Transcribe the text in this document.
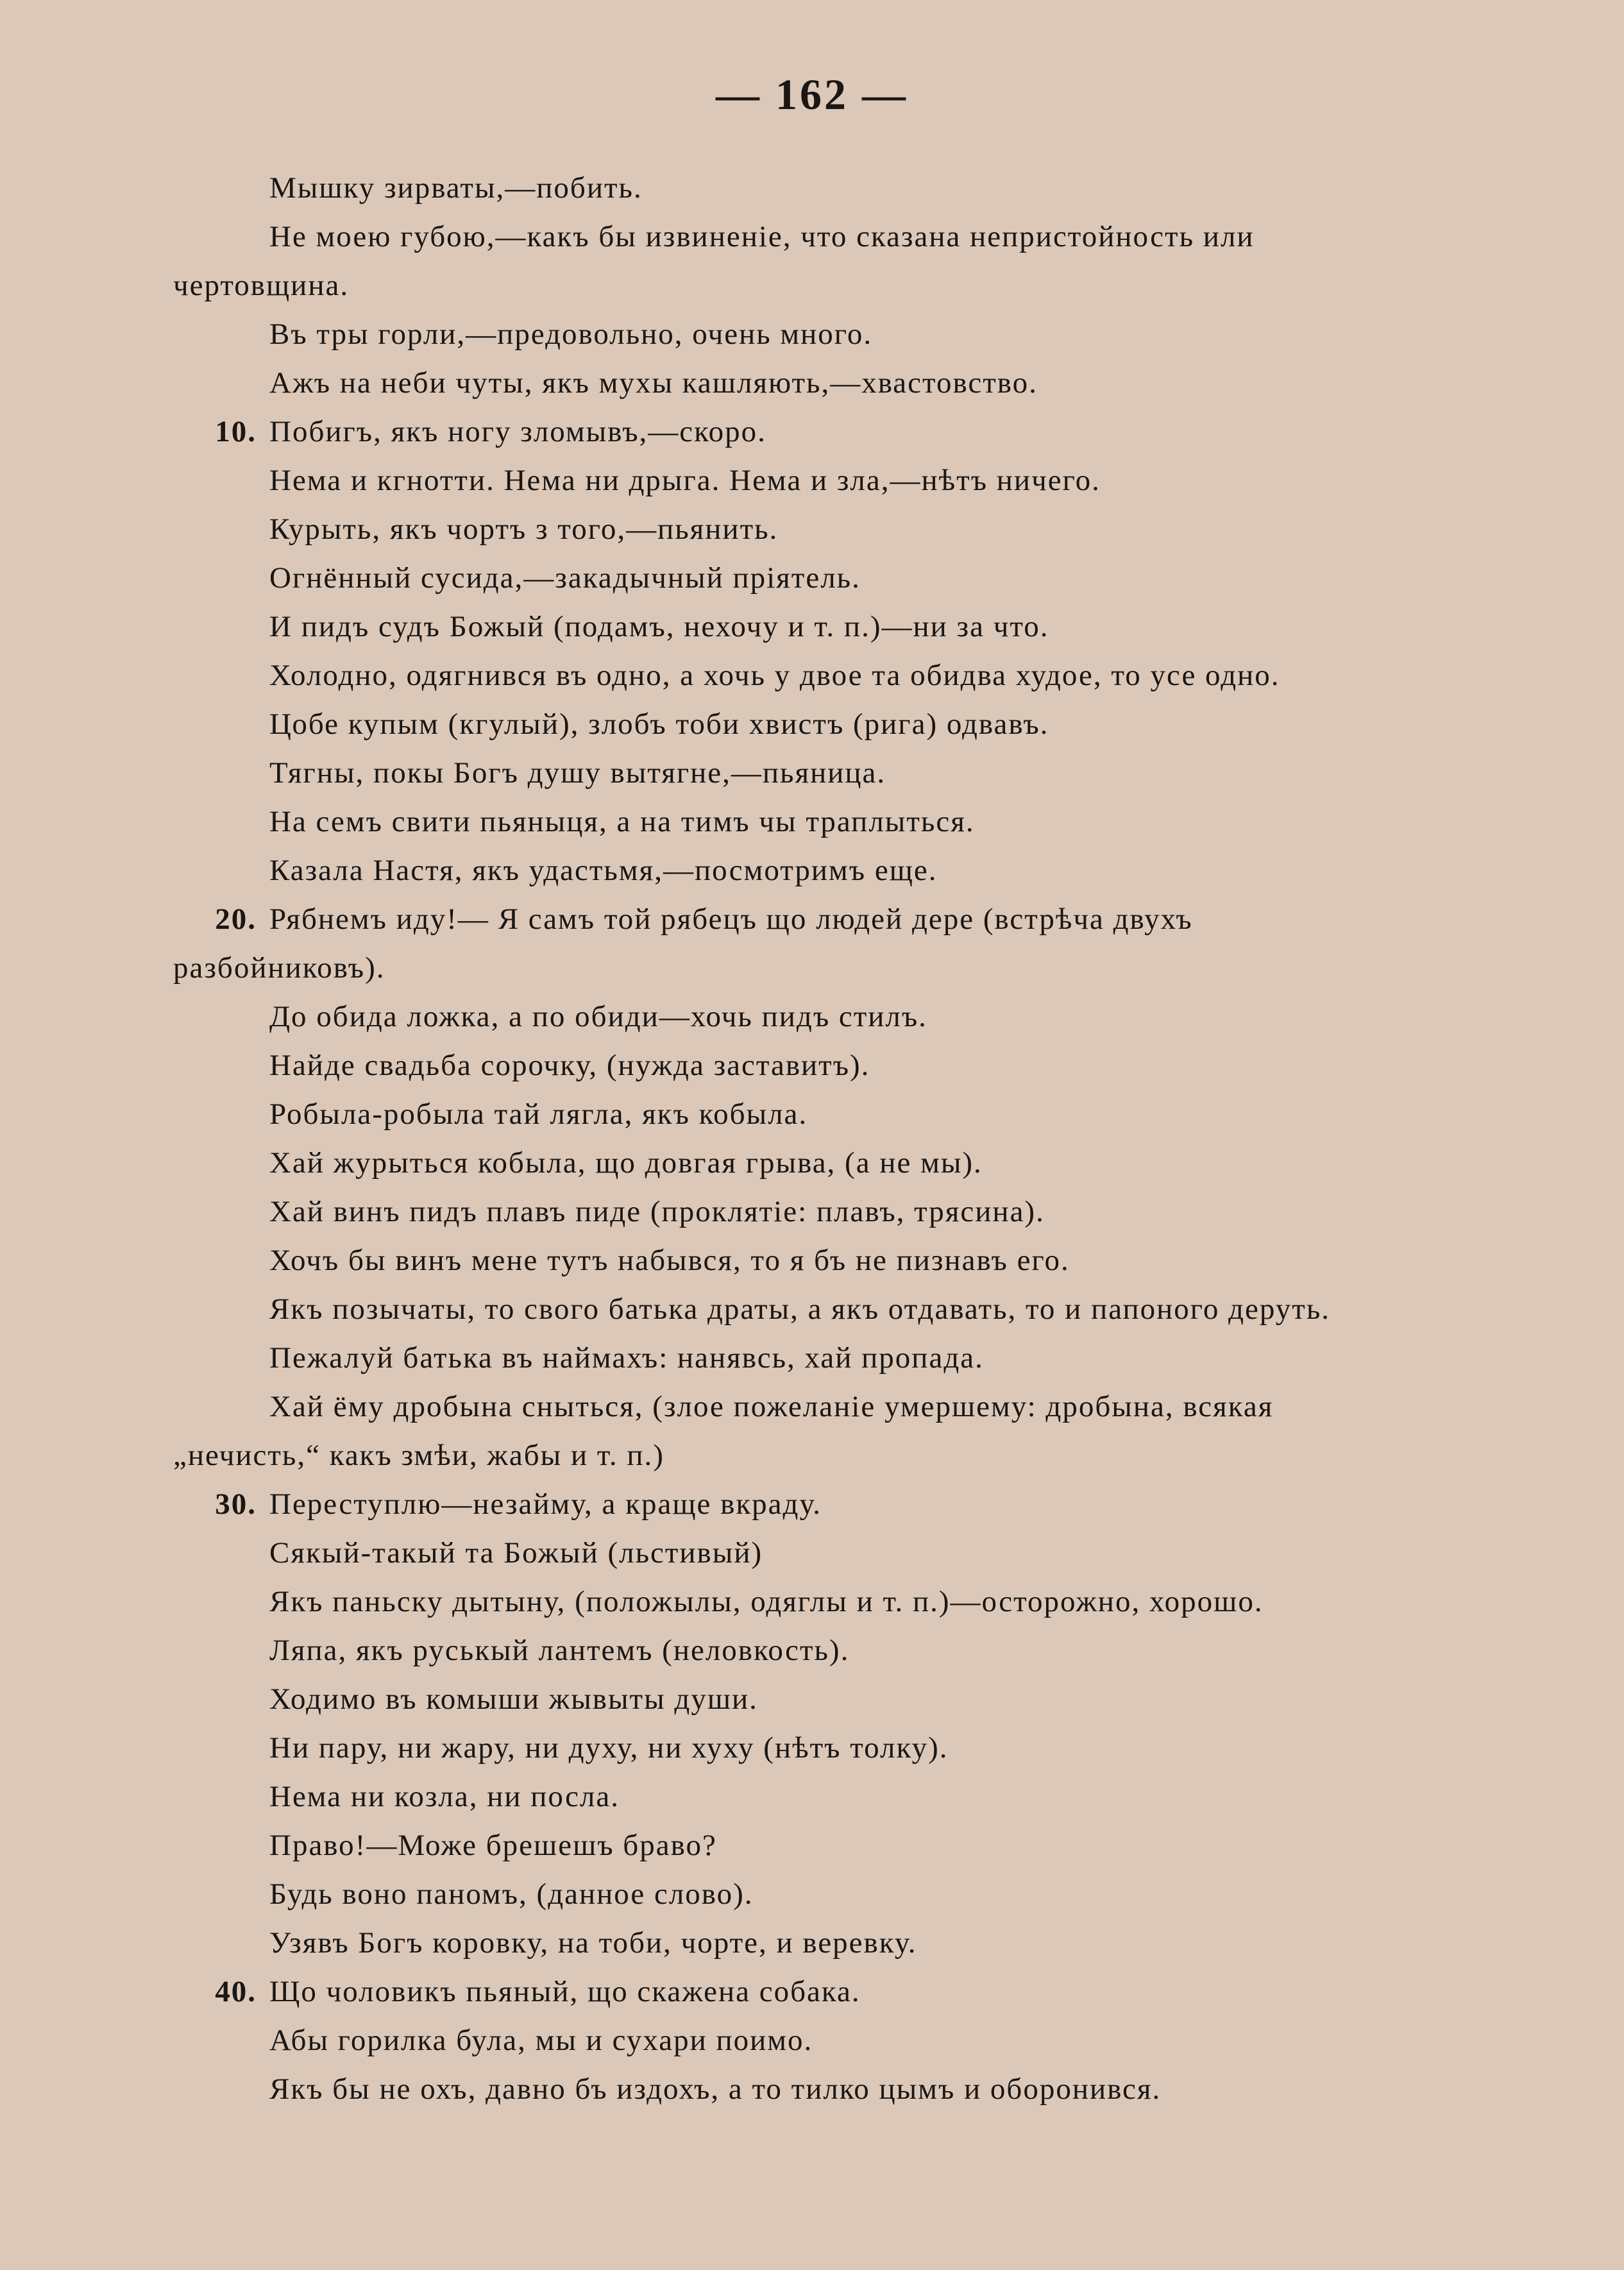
— 162 —
Мышку зирваты,—побить.
Не моею губою,—какъ бы извиненіе, что сказана непристойность или
чертовщина.
Въ тры горли,—предовольно, очень много.
Ажъ на неби чуты, якъ мухы кашляють,—хвастовство.
10. Побигъ, якъ ногу зломывъ,—скоро.
Нема и кгнотти. Нема ни дрыга. Нема и зла,—нѣтъ ничего.
Курыть, якъ чортъ з того,—пьянить.
Огнённый сусида,—закадычный пріятель.
И пидъ судъ Божый (подамъ, нехочу и т. п.)—ни за что.
Холодно, одягнився въ одно, а хочь у двое та обидва худое, то усе одно.
Цобе купым (кгулый), злобъ тоби хвистъ (рига) одвавъ.
Тягны, покы Богъ душу вытягне,—пьяница.
На семъ свити пьяныця, а на тимъ чы траплыться.
Казала Настя, якъ удастьмя,—посмотримъ еще.
20. Рябнемъ иду!— Я самъ той рябецъ що людей дере (встрѣча двухъ
разбойниковъ).
До обида ложка, а по обиди—хочь пидъ стилъ.
Найде свадьба сорочку, (нужда заставитъ).
Робыла-робыла тай лягла, якъ кобыла.
Хай журыться кобыла, що довгая грыва, (а не мы).
Хай винъ пидъ плавъ пиде (проклятіе: плавъ, трясина).
Хочъ бы винъ мене тутъ набывся, то я бъ не пизнавъ его.
Якъ позычаты, то свого батька драты, а якъ отдавать, то и папоного деруть.
Пежалуй батька въ наймахъ: нанявсь, хай пропада.
Хай ёму дробына сныться, (злое пожеланіе умершему: дробына, всякая
„нечисть,“ какъ змѣи, жабы и т. п.)
30. Переступлю—незайму, а краще вкраду.
Сякый-такый та Божый (льстивый)
Якъ паньску дытыну, (положылы, одяглы и т. п.)—осторожно, хорошо.
Ляпа, якъ руськый лантемъ (неловкость).
Ходимо въ комыши жывыты души.
Ни пару, ни жару, ни духу, ни хуху (нѣтъ толку).
Нема ни козла, ни посла.
Право!—Може брешешъ браво?
Будь воно паномъ, (данное слово).
Узявъ Богъ коровку, на тоби, чорте, и веревку.
40. Що чоловикъ пьяный, що скажена собака.
Абы горилка була, мы и сухари поимо.
Якъ бы не охъ, давно бъ издохъ, а то тилко цымъ и оборонився.
